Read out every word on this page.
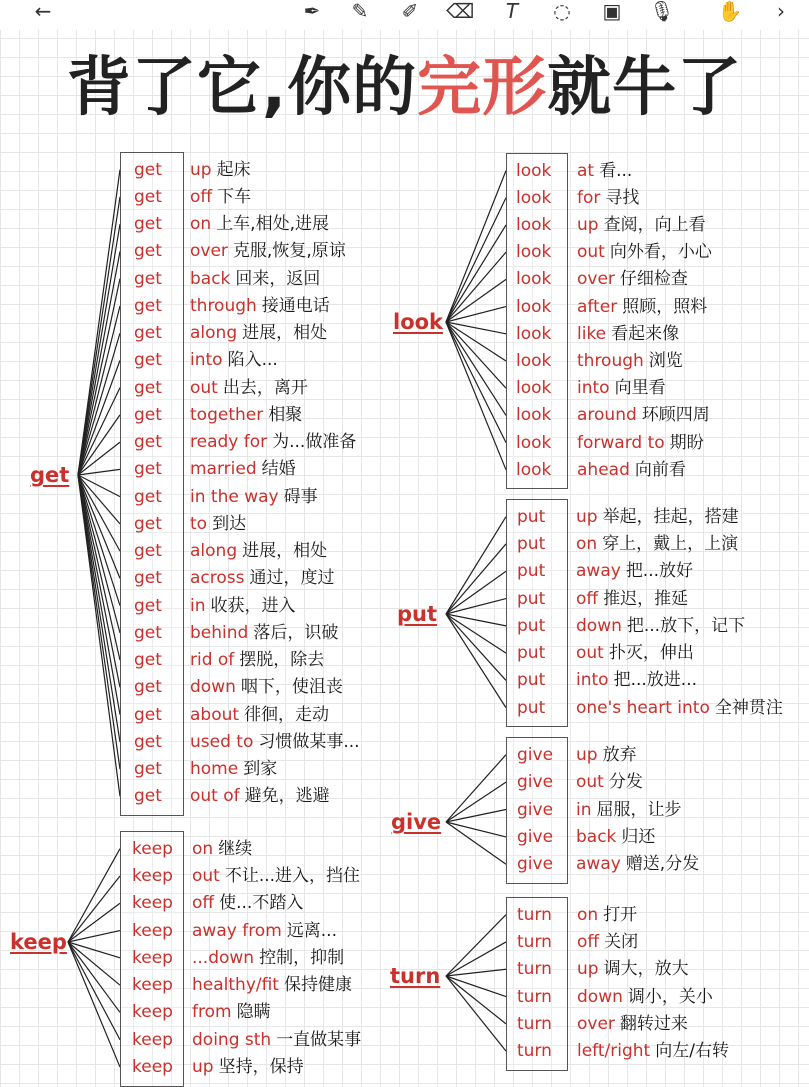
←	✒ ✎ ✐ ⌫	T	◌ ▣ 🎙 ✋	›
背了它,你的完形就牛了
get
get up 起床
get off 下车
get on 上车,相处,进展
get over 克服,恢复,原谅
get back 回来，返回
get through 接通电话
get along 进展，相处
get into 陷入...
get out 出去，离开
get together 相聚
get ready for 为...做准备
get married 结婚
get in the way 碍事
get to 到达
get along 进展，相处
get across 通过，度过
get in 收获，进入
get behind 落后，识破
get rid of 摆脱，除去
get down 咽下，使沮丧
get about 徘徊，走动
get used to 习惯做某事...
get home 到家
get out of 避免，逃避
keep
keep on 继续
keep out 不让...进入，挡住
keep off 使...不踏入
keep away from 远离...
keep ...down 控制，抑制
keep healthy/fit 保持健康
keep from 隐瞒
keep doing sth 一直做某事
keep up 坚持，保持
look
look at 看...
look for 寻找
look up 查阅，向上看
look out 向外看，小心
look over 仔细检查
look after 照顾，照料
look like 看起来像
look through 浏览
look into 向里看
look around 环顾四周
look forward to 期盼
look ahead 向前看
put
put up 举起，挂起，搭建
put on 穿上，戴上，上演
put away 把...放好
put off 推迟，推延
put down 把...放下，记下
put out 扑灭，伸出
put into 把...放进...
put one's heart into 全神贯注
give
give up 放弃
give out 分发
give in 屈服，让步
give back 归还
give away 赠送,分发
turn
turn on 打开
turn off 关闭
turn up 调大，放大
turn down 调小，关小
turn over 翻转过来
turn left/right 向左/右转
